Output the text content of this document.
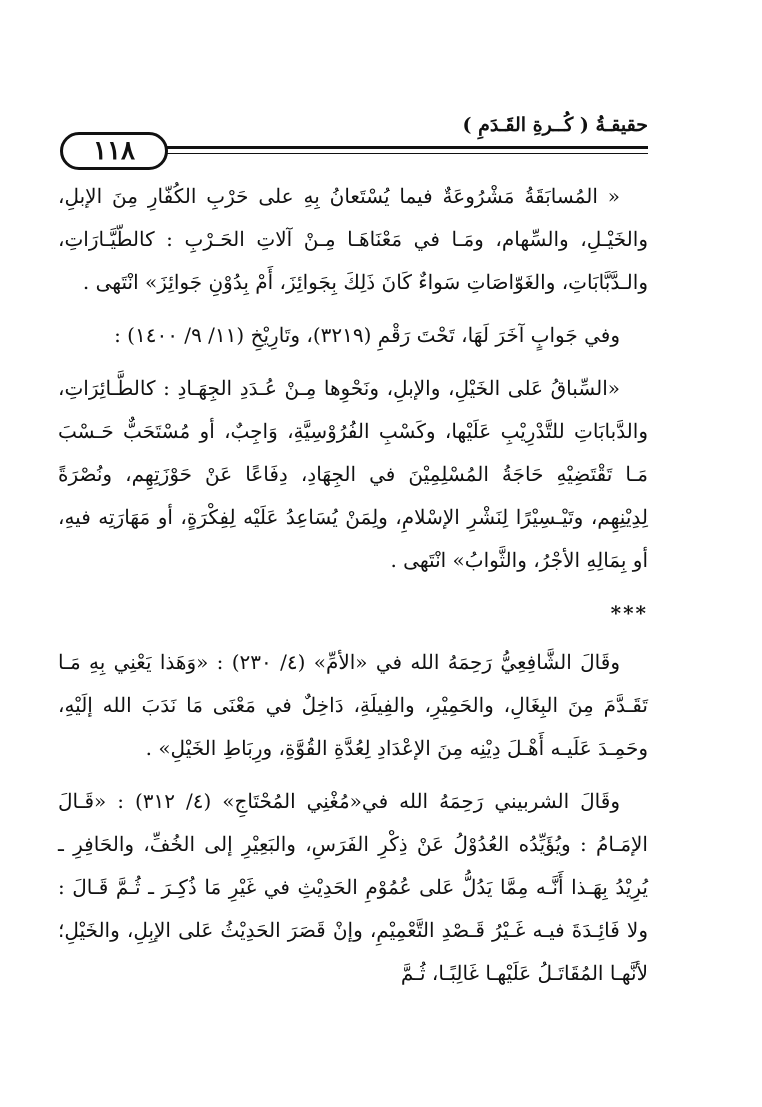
١١٨
حقيقـةُ ( كُــرةِ القَـدَمِ )

« المُسابَقَةُ مَشْرُوعَةٌ فيما يُسْتَعانُ بِهِ على حَرْبِ الكُفّارِ مِنَ الإبلِ، والخَيْـلِ، والسِّهام، ومَـا في مَعْنَاهَـا مِـنْ آلاتِ الحَـرْبِ : كالطّيَّـارَاتِ، والـدَّبَّابَاتِ، والغَوّاصَاتِ سَواءٌ كَانَ ذَلِكَ بِجَوائِزَ، أَمْ بِدُوْنِ جَوائِزَ» انْتَهى .

وفي جَوابٍ آخَرَ لَهَا، تَحْتَ رَقْمِ (٣٢١٩)، وتَارِيْخِ (١١/ ٩/ ١٤٠٠) :

«السِّباقُ عَلى الخَيْلِ، والإبلِ، ونَحْوِها مِـنْ عُـدَدِ الجِهَـادِ : كالطَّـائِرَاتِ، والدَّبابَاتِ للتَّدْرِيْبِ عَلَيْها، وكَسْبِ الفُرُوْسِيَّةِ، وَاجِبٌ، أو مُسْتَحَبٌّ حَـسْبَ مَـا تَقْتَضِيْهِ حَاجَةُ المُسْلِمِيْنَ في الجِهَادِ، دِفَاعًا عَنْ حَوْزَتِهِم، ونُصْرَةً لِدِيْنِهِم، وتَيْـسِيْرًا لِنَشْرِ الإسْلامِ، ولِمَنْ يُسَاعِدُ عَلَيْه لِفِكْرَةٍ، أو مَهَارَتِه فيهِ، أو بِمَالِهِ الأجْرُ، والثَّوابُ» انْتَهى .

***

وقَالَ الشَّافِعِيُّ رَحِمَهُ الله في «الأمِّ» (٤/ ٢٣٠) : «وَهَذا يَعْنِي بِهِ مَـا تَقَـدَّمَ مِنَ البِغَالِ، والحَمِيْرِ، والفِيلَةِ، دَاخِلٌ في مَعْنَى مَا نَدَبَ الله إلَيْهِ، وحَمِـدَ عَلَيـه أَهْـلَ دِيْنِه مِنَ الإعْدَادِ لِعُدَّةِ القُوَّةِ، ورِبَاطِ الخَيْلِ» .

وقَالَ الشربيني رَحِمَهُ الله في«مُغْنِي المُحْتَاجِ» (٤/ ٣١٢) : «قَـالَ الإمَـامُ : ويُؤَيِّدُه العُدُوْلُ عَنْ ذِكْرِ الفَرَسِ، والبَعِيْرِ إلى الخُفِّ، والحَافِرِ ـ يُرِيْدُ بِهَـذا أَنَّـه مِمَّا يَدُلُّ عَلى عُمُوْمِ الحَدِيْثِ في غَيْرِ مَا ذُكِـرَ ـ ثُـمَّ قَـالَ : ولا فَائِـدَةَ فيـه غَـيْرُ قَـصْدِ التَّعْمِيْمِ، وإنْ قَصَرَ الحَدِيْثُ عَلى الإبِلِ، والخَيْلِ؛ لأنَّهـا المُقَاتَـلُ عَلَيْهـا غَالِبًـا، ثُـمَّ
